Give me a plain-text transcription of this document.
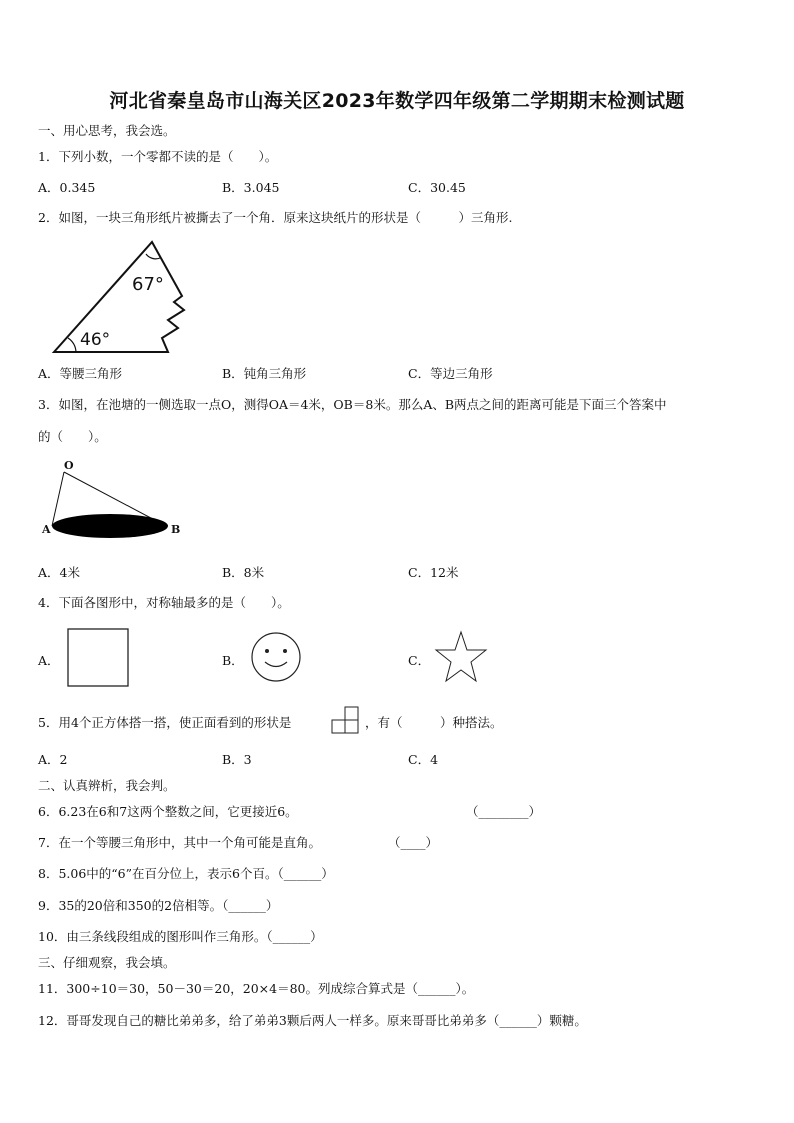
河北省秦皇岛市山海关区2023年数学四年级第二学期期末检测试题
一、用心思考，我会选。
1．下列小数，一个零都不读的是（　　）。
A．0.345	B．3.045	C．30.45
2．如图，一块三角形纸片被撕去了一个角．原来这块纸片的形状是（　　　）三角形.
67°
46°
A．等腰三角形	B．钝角三角形	C．等边三角形
3．如图，在池塘的一侧选取一点O，测得OA＝4米，OB＝8米。那么A、B两点之间的距离可能是下面三个答案中
的（　　）。
O
A	B
A．4米	B．8米	C．12米
4．下面各图形中，对称轴最多的是（　　）。
A．	B．	C．
5．用4个正方体搭一搭，使正面看到的形状是	，有（　　　）种搭法。
A．2	B．3	C．4
二、认真辨析，我会判。
6．6.23在6和7这两个整数之间，它更接近6。	（________）
7．在一个等腰三角形中，其中一个角可能是直角。	（____）
8．5.06中的“6”在百分位上，表示6个百。（______）
9．35的20倍和350的2倍相等。（______）
10．由三条线段组成的图形叫作三角形。（______）
三、仔细观察，我会填。
11．300÷10＝30，50－30＝20，20×4＝80。列成综合算式是（______）。
12．哥哥发现自己的糖比弟弟多，给了弟弟3颗后两人一样多。原来哥哥比弟弟多（______）颗糖。
